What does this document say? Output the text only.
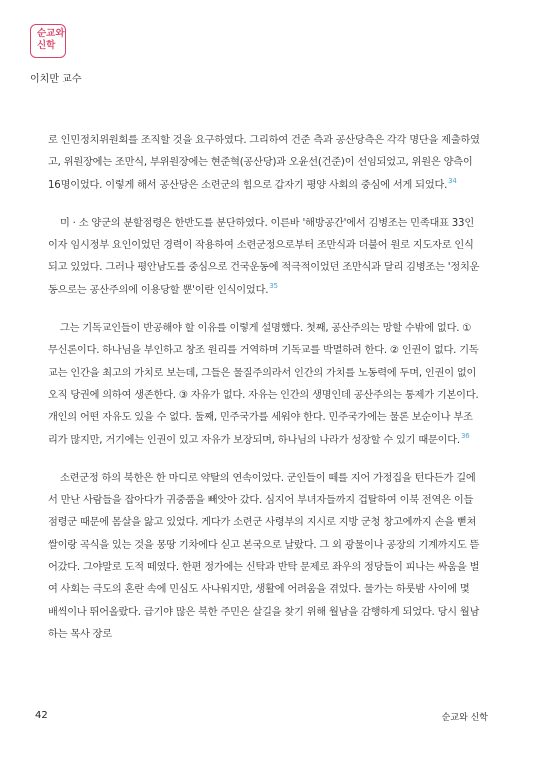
순교와
신학
이치만 교수

로 인민정치위원회를 조직할 것을 요구하였다. 그리하여 건준 측과 공산당측은 각각 명단을 제출하였고, 위원장에는 조만식, 부위원장에는 현준혁(공산당)과 오윤선(건준)이 선임되었고, 위원은 양측이 16명이었다. 이렇게 해서 공산당은 소련군의 힘으로 갑자기 평양 사회의 중심에 서게 되었다.$^{34}$

미 · 소 양군의 분할점령은 한반도를 분단하였다. 이른바 '해방공간'에서 김병조는 민족대표 33인이자 임시정부 요인이었던 경력이 작용하여 소련군정으로부터 조만식과 더불어 원로 지도자로 인식되고 있었다. 그러나 평안남도를 중심으로 건국운동에 적극적이었던 조만식과 달리 김병조는 '정치운동으로는 공산주의에 이용당할 뿐'이란 인식이었다.$^{35}$

그는 기독교인들이 반공해야 할 이유를 이렇게 설명했다. 첫째, 공산주의는 망할 수밖에 없다. ① 무신론이다. 하나님을 부인하고 창조 원리를 거역하며 기독교를 박멸하려 한다. ② 인권이 없다. 기독교는 인간을 최고의 가치로 보는데, 그들은 물질주의라서 인간의 가치를 노동력에 두며, 인권이 없이 오직 당권에 의하여 생존한다. ③ 자유가 없다. 자유는 인간의 생명인데 공산주의는 통제가 기본이다. 개인의 어떤 자유도 있을 수 없다. 둘째, 민주국가를 세워야 한다. 민주국가에는 물론 보순이나 부조리가 많지만, 거기에는 인권이 있고 자유가 보장되며, 하나님의 나라가 성장할 수 있기 때문이다.$^{36}$

소련군정 하의 북한은 한 마디로 약탈의 연속이었다. 군인들이 떼를 지어 가정집을 턴다든가 길에서 만난 사람들을 잡아다가 귀중품을 빼앗아 갔다. 심지어 부녀자들까지 겁탈하여 이북 전역은 이들 점령군 때문에 몸살을 앓고 있었다. 게다가 소련군 사령부의 지시로 지방 군청 창고에까지 손을 뻗쳐 쌀이랑 곡식을 있는 것을 몽땅 기차에다 싣고 본국으로 날랐다. 그 외 광물이나 공장의 기계까지도 뜯어갔다. 그야말로 도적 떼였다. 한편 정가에는 신탁과 반탁 문제로 좌우의 정당들이 피나는 싸움을 벌여 사회는 극도의 혼란 속에 민심도 사나워지만, 생활에 어려움을 겪었다. 물가는 하룻밤 사이에 몇 배씩이나 뛰어올랐다. 급기야 많은 북한 주민은 살길을 찾기 위해 월남을 감행하게 되었다. 당시 월남하는 목사 장로

42	순교와 신학
